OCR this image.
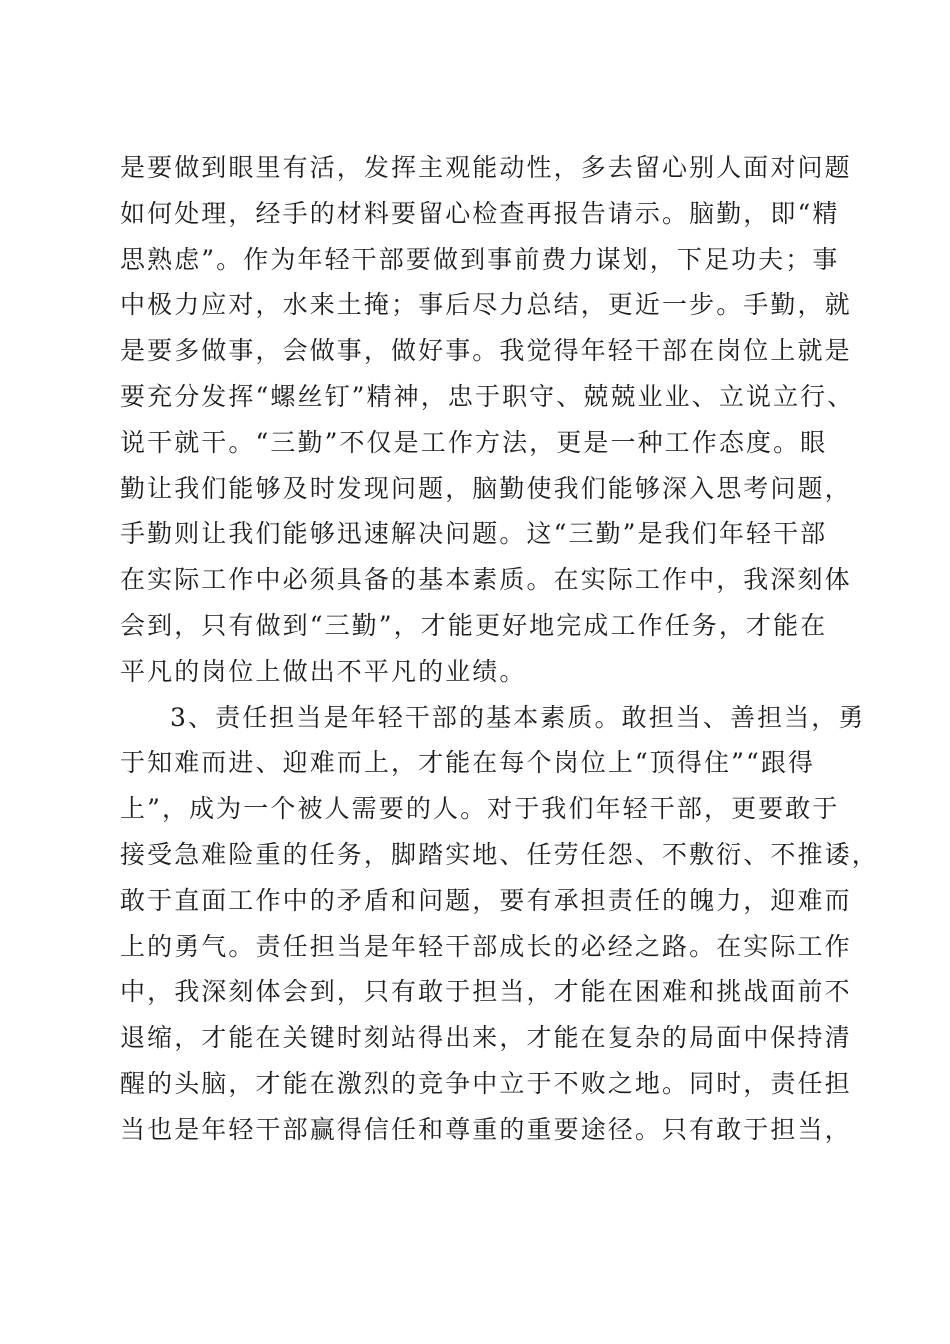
是要做到眼里有活，发挥主观能动性，多去留心别人面对问题
如何处理，经手的材料要留心检查再报告请示。脑勤，即“精
思熟虑”。作为年轻干部要做到事前费力谋划，下足功夫；事
中极力应对，水来土掩；事后尽力总结，更近一步。手勤，就
是要多做事，会做事，做好事。我觉得年轻干部在岗位上就是
要充分发挥“螺丝钉”精神，忠于职守、兢兢业业、立说立行、
说干就干。“三勤”不仅是工作方法，更是一种工作态度。眼
勤让我们能够及时发现问题，脑勤使我们能够深入思考问题，
手勤则让我们能够迅速解决问题。这“三勤”是我们年轻干部
在实际工作中必须具备的基本素质。在实际工作中，我深刻体
会到，只有做到“三勤”，才能更好地完成工作任务，才能在
平凡的岗位上做出不平凡的业绩。
3、责任担当是年轻干部的基本素质。敢担当、善担当，勇
于知难而进、迎难而上，才能在每个岗位上“顶得住”“跟得
上”，成为一个被人需要的人。对于我们年轻干部，更要敢于
接受急难险重的任务，脚踏实地、任劳任怨、不敷衍、不推诿，
敢于直面工作中的矛盾和问题，要有承担责任的魄力，迎难而
上的勇气。责任担当是年轻干部成长的必经之路。在实际工作
中，我深刻体会到，只有敢于担当，才能在困难和挑战面前不
退缩，才能在关键时刻站得出来，才能在复杂的局面中保持清
醒的头脑，才能在激烈的竞争中立于不败之地。同时，责任担
当也是年轻干部赢得信任和尊重的重要途径。只有敢于担当，
